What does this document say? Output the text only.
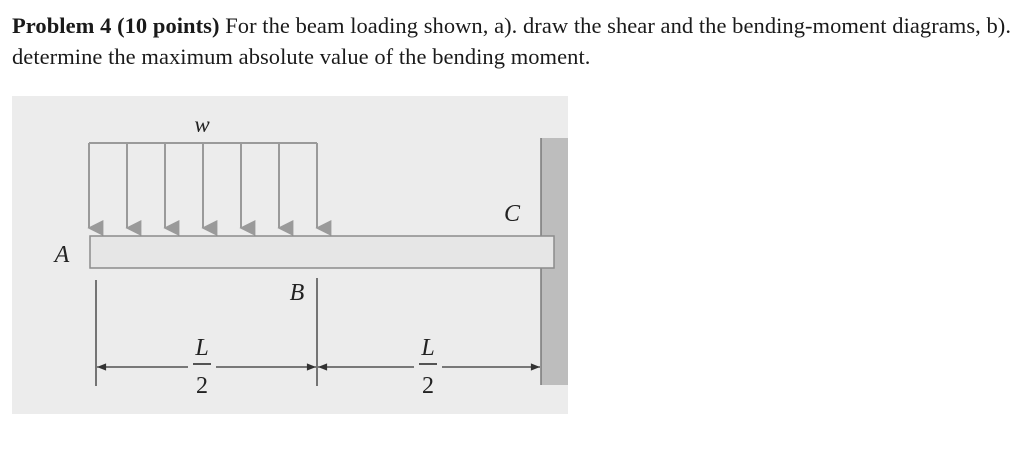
Problem 4 (10 points) For the beam loading shown, a). draw the shear and the bending-moment diagrams, b). determine the maximum absolute value of the bending moment.
w
A
B
C
L
2
L
2
